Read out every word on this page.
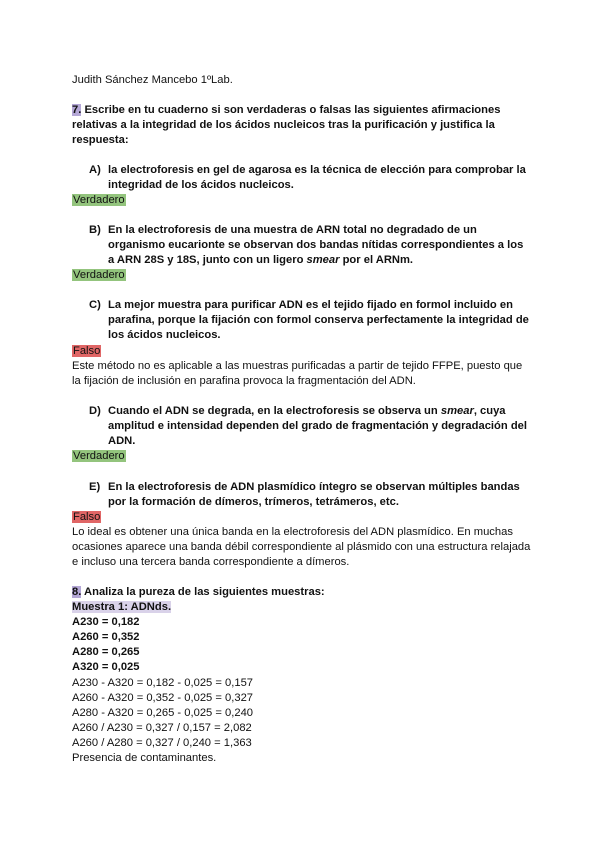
Judith Sánchez Mancebo 1ºLab.
7. Escribe en tu cuaderno si son verdaderas o falsas las siguientes afirmaciones
relativas a la integridad de los ácidos nucleicos tras la purificación y justifica la
respuesta:
A) la electroforesis en gel de agarosa es la técnica de elección para comprobar la
integridad de los ácidos nucleicos.
Verdadero
B) En la electroforesis de una muestra de ARN total no degradado de un
organismo eucarionte se observan dos bandas nítidas correspondientes a los
a ARN 28S y 18S, junto con un ligero smear por el ARNm.
Verdadero
C) La mejor muestra para purificar ADN es el tejido fijado en formol incluido en
parafina, porque la fijación con formol conserva perfectamente la integridad de
los ácidos nucleicos.
Falso
Este método no es aplicable a las muestras purificadas a partir de tejido FFPE, puesto que
la fijación de inclusión en parafina provoca la fragmentación del ADN.
D) Cuando el ADN se degrada, en la electroforesis se observa un smear, cuya
amplitud e intensidad dependen del grado de fragmentación y degradación del
ADN.
Verdadero
E) En la electroforesis de ADN plasmídico íntegro se observan múltiples bandas
por la formación de dímeros, trímeros, tetrámeros, etc.
Falso
Lo ideal es obtener una única banda en la electroforesis del ADN plasmídico. En muchas
ocasiones aparece una banda débil correspondiente al plásmido con una estructura relajada
e incluso una tercera banda correspondiente a dímeros.
8. Analiza la pureza de las siguientes muestras:
Muestra 1: ADNds.
A230 = 0,182
A260 = 0,352
A280 = 0,265
A320 = 0,025
A230 - A320 = 0,182 - 0,025 = 0,157
A260 - A320 = 0,352 - 0,025 = 0,327
A280 - A320 = 0,265 - 0,025 = 0,240
A260 / A230 = 0,327 / 0,157 = 2,082
A260 / A280 = 0,327 / 0,240 = 1,363
Presencia de contaminantes.
